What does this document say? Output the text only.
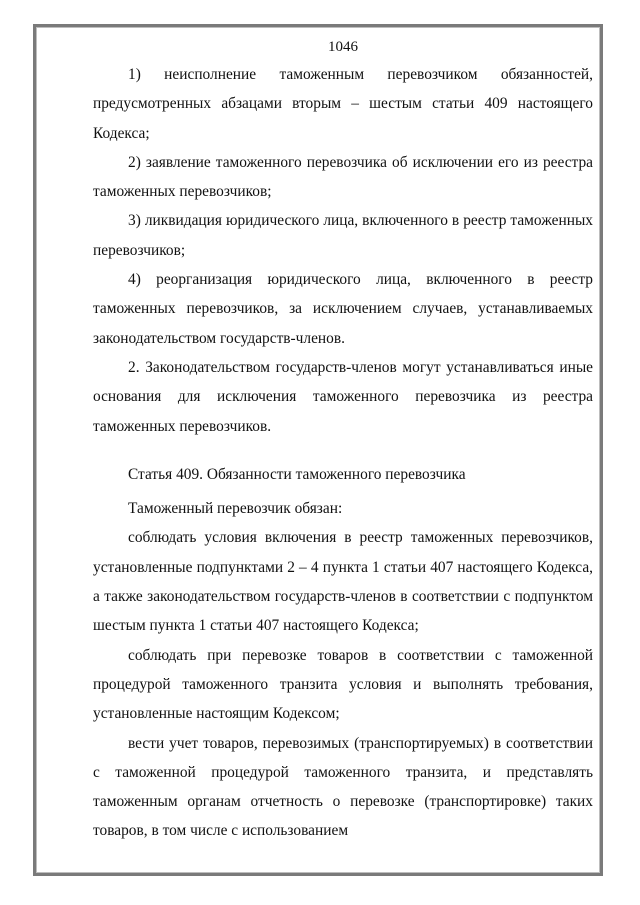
1046

1) неисполнение таможенным перевозчиком обязанностей, предусмотренных абзацами вторым – шестым статьи 409 настоящего Кодекса;

2) заявление таможенного перевозчика об исключении его из реестра таможенных перевозчиков;

3) ликвидация юридического лица, включенного в реестр таможенных перевозчиков;

4) реорганизация юридического лица, включенного в реестр таможенных перевозчиков, за исключением случаев, устанавливаемых законодательством государств-членов.

2. Законодательством государств-членов могут устанавливаться иные основания для исключения таможенного перевозчика из реестра таможенных перевозчиков.

Статья 409. Обязанности таможенного перевозчика

Таможенный перевозчик обязан:

соблюдать условия включения в реестр таможенных перевозчиков, установленные подпунктами 2 – 4 пункта 1 статьи 407 настоящего Кодекса, а также законодательством государств-членов в соответствии с подпунктом шестым пункта 1 статьи 407 настоящего Кодекса;

соблюдать при перевозке товаров в соответствии с таможенной процедурой таможенного транзита условия и выполнять требования, установленные настоящим Кодексом;

вести учет товаров, перевозимых (транспортируемых) в соответствии с таможенной процедурой таможенного транзита, и представлять таможенным органам отчетность о перевозке (транспортировке) таких товаров, в том числе с использованием
